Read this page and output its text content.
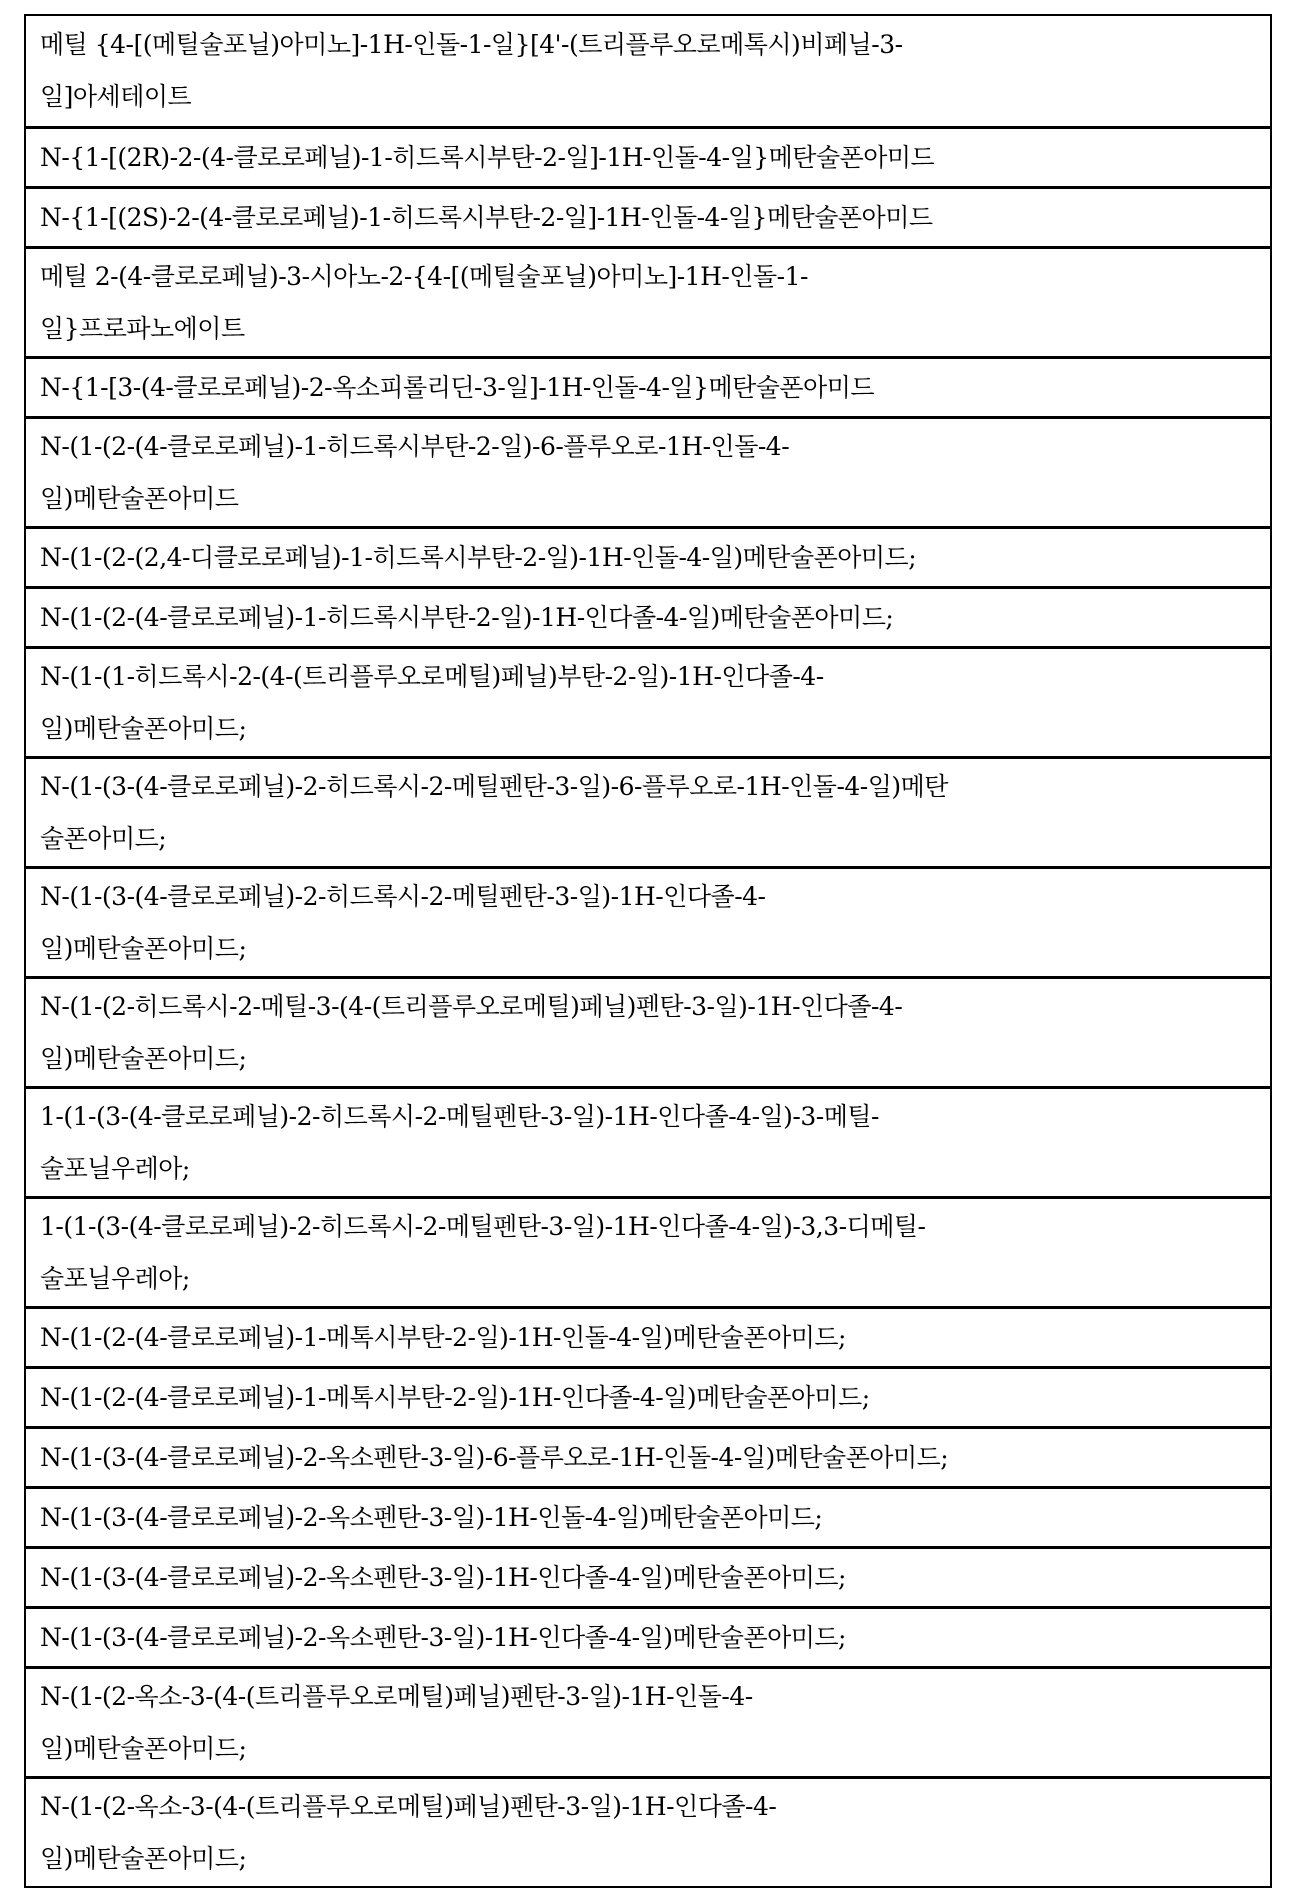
메틸 {4-[(메틸술포닐)아미노]-1H-인돌-1-일}[4'-(트리플루오로메톡시)비페닐-3-
일]아세테이트
N-{1-[(2R)-2-(4-클로로페닐)-1-히드록시부탄-2-일]-1H-인돌-4-일}메탄술폰아미드
N-{1-[(2S)-2-(4-클로로페닐)-1-히드록시부탄-2-일]-1H-인돌-4-일}메탄술폰아미드
메틸 2-(4-클로로페닐)-3-시아노-2-{4-[(메틸술포닐)아미노]-1H-인돌-1-
일}프로파노에이트
N-{1-[3-(4-클로로페닐)-2-옥소피롤리딘-3-일]-1H-인돌-4-일}메탄술폰아미드
N-(1-(2-(4-클로로페닐)-1-히드록시부탄-2-일)-6-플루오로-1H-인돌-4-
일)메탄술폰아미드
N-(1-(2-(2,4-디클로로페닐)-1-히드록시부탄-2-일)-1H-인돌-4-일)메탄술폰아미드;
N-(1-(2-(4-클로로페닐)-1-히드록시부탄-2-일)-1H-인다졸-4-일)메탄술폰아미드;
N-(1-(1-히드록시-2-(4-(트리플루오로메틸)페닐)부탄-2-일)-1H-인다졸-4-
일)메탄술폰아미드;
N-(1-(3-(4-클로로페닐)-2-히드록시-2-메틸펜탄-3-일)-6-플루오로-1H-인돌-4-일)메탄
술폰아미드;
N-(1-(3-(4-클로로페닐)-2-히드록시-2-메틸펜탄-3-일)-1H-인다졸-4-
일)메탄술폰아미드;
N-(1-(2-히드록시-2-메틸-3-(4-(트리플루오로메틸)페닐)펜탄-3-일)-1H-인다졸-4-
일)메탄술폰아미드;
1-(1-(3-(4-클로로페닐)-2-히드록시-2-메틸펜탄-3-일)-1H-인다졸-4-일)-3-메틸-
술포닐우레아;
1-(1-(3-(4-클로로페닐)-2-히드록시-2-메틸펜탄-3-일)-1H-인다졸-4-일)-3,3-디메틸-
술포닐우레아;
N-(1-(2-(4-클로로페닐)-1-메톡시부탄-2-일)-1H-인돌-4-일)메탄술폰아미드;
N-(1-(2-(4-클로로페닐)-1-메톡시부탄-2-일)-1H-인다졸-4-일)메탄술폰아미드;
N-(1-(3-(4-클로로페닐)-2-옥소펜탄-3-일)-6-플루오로-1H-인돌-4-일)메탄술폰아미드;
N-(1-(3-(4-클로로페닐)-2-옥소펜탄-3-일)-1H-인돌-4-일)메탄술폰아미드;
N-(1-(3-(4-클로로페닐)-2-옥소펜탄-3-일)-1H-인다졸-4-일)메탄술폰아미드;
N-(1-(3-(4-클로로페닐)-2-옥소펜탄-3-일)-1H-인다졸-4-일)메탄술폰아미드;
N-(1-(2-옥소-3-(4-(트리플루오로메틸)페닐)펜탄-3-일)-1H-인돌-4-
일)메탄술폰아미드;
N-(1-(2-옥소-3-(4-(트리플루오로메틸)페닐)펜탄-3-일)-1H-인다졸-4-
일)메탄술폰아미드;
